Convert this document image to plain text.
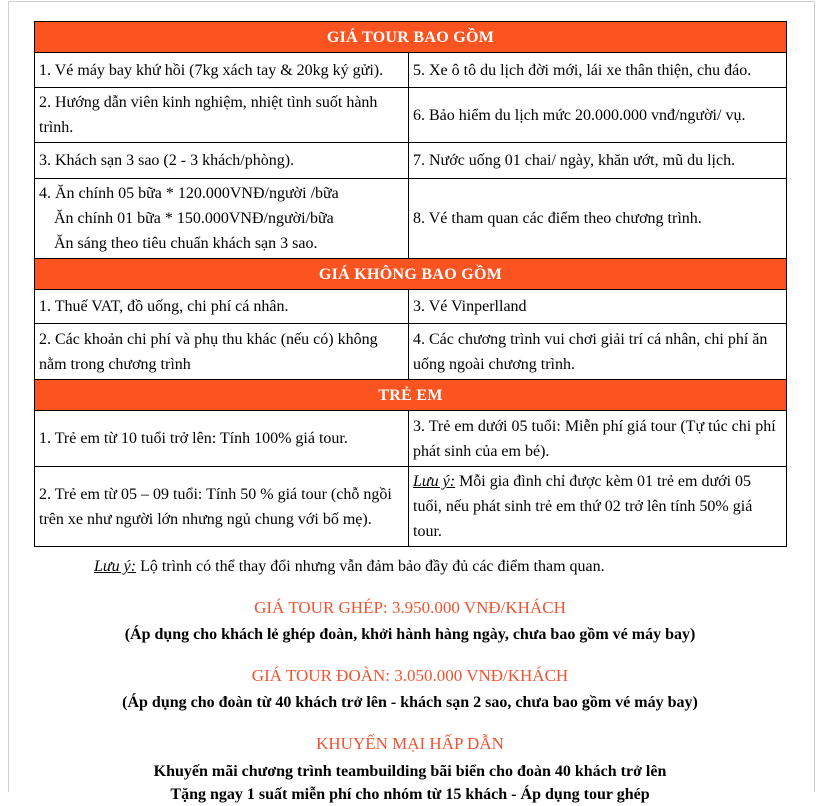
GIÁ TOUR BAO GỒM	
1. Vé máy bay khứ hồi (7kg xách tay & 20kg ký gửi).	5. Xe ô tô du lịch đời mới, lái xe thân thiện, chu đáo.
2. Hướng dẫn viên kinh nghiệm, nhiệt tình suốt hành trình.	6. Bảo hiểm du lịch mức 20.000.000 vnđ/người/ vụ.
3. Khách sạn 3 sao (2 - 3 khách/phòng).	7. Nước uống 01 chai/ ngày, khăn ướt, mũ du lịch.

4. Ăn chính 05 bữa * 120.000VNĐ/người /bữa
Ăn chính 01 bữa * 150.000VNĐ/người/bữa
Ăn sáng theo tiêu chuẩn khách sạn 3 sao.	8. Vé tham quan các điểm theo chương trình.
GIÁ KHÔNG BAO GỒM	
1. Thuế VAT, đồ uống, chi phí cá nhân.	3. Vé Vinperlland
2. Các khoản chi phí và phụ thu khác (nếu có) không nằm trong chương trình	4. Các chương trình vui chơi giải trí cá nhân, chi phí ăn uống ngoài chương trình.
TRẺ EM	
1. Trẻ em từ 10 tuổi trở lên: Tính 100% giá tour.	3. Trẻ em dưới 05 tuổi: Miễn phí giá tour (Tự túc chi phí phát sinh của em bé).
2. Trẻ em từ 05 – 09 tuổi: Tính 50 % giá tour (chỗ ngồi trên xe như người lớn nhưng ngủ chung với bố mẹ).	Lưu ý: Mỗi gia đình chỉ được kèm 01 trẻ em dưới 05 tuổi, nếu phát sinh trẻ em thứ 02 trở lên tính 50% giá tour.

Lưu ý: Lộ trình có thể thay đổi nhưng vẫn đảm bảo đầy đủ các điểm tham quan.

GIÁ TOUR GHÉP: 3.950.000 VNĐ/KHÁCH

(Áp dụng cho khách lẻ ghép đoàn, khởi hành hàng ngày, chưa bao gồm vé máy bay)

GIÁ TOUR ĐOÀN: 3.050.000 VNĐ/KHÁCH

(Áp dụng cho đoàn từ 40 khách trở lên - khách sạn 2 sao, chưa bao gồm vé máy bay)

KHUYẾN MẠI HẤP DẪN

Khuyến mãi chương trình teambuilding bãi biển cho đoàn 40 khách trở lên

Tặng ngay 1 suất miễn phí cho nhóm từ 15 khách - Áp dụng tour ghép
